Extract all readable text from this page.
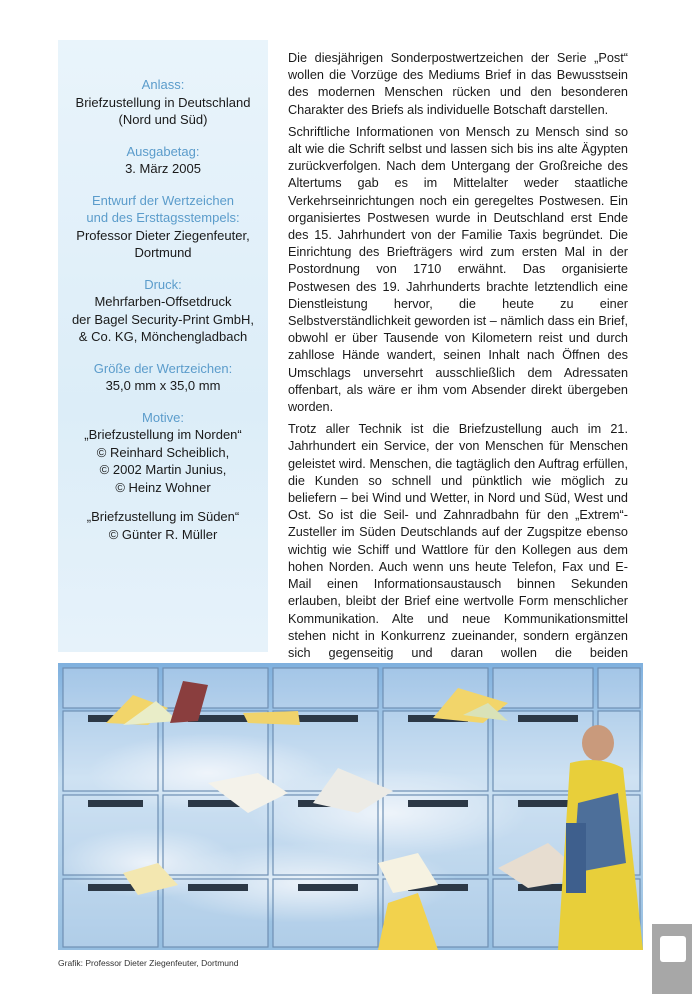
Anlass:
Briefzustellung in Deutschland
(Nord und Süd)
Ausgabetag:
3. März 2005
Entwurf der Wertzeichen
und des Ersttagsstempels:
Professor Dieter Ziegenfeuter,
Dortmund
Druck:
Mehrfarben-Offsetdruck
der Bagel Security-Print GmbH,
& Co. KG, Mönchengladbach
Größe der Wertzeichen:
35,0 mm x 35,0 mm
Motive:
„Briefzustellung im Norden“
© Reinhard Scheiblich,
© 2002 Martin Junius,
© Heinz Wohner
„Briefzustellung im Süden“
© Günter R. Müller

Die diesjährigen Sonderpostwertzeichen der Serie „Post“ wollen die Vorzüge des Mediums Brief in das Bewusstsein des modernen Menschen rücken und den besonderen Charakter des Briefs als individuelle Botschaft darstellen.

Schriftliche Informationen von Mensch zu Mensch sind so alt wie die Schrift selbst und lassen sich bis ins alte Ägypten zurückverfolgen. Nach dem Untergang der Großreiche des Altertums gab es im Mittelalter weder staatliche Verkehrseinrichtungen noch ein geregeltes Postwesen. Ein organisiertes Postwesen wurde in Deutschland erst Ende des 15. Jahrhundert von der Familie Taxis begründet. Die Einrichtung des Briefträgers wird zum ersten Mal in der Postordnung von 1710 erwähnt. Das organisierte Postwesen des 19. Jahrhunderts brachte letztendlich eine Dienstleistung hervor, die heute zu einer Selbstverständlichkeit geworden ist – nämlich dass ein Brief, obwohl er über Tausende von Kilometern reist und durch zahllose Hände wandert, seinen Inhalt nach Öffnen des Umschlags unversehrt ausschließlich dem Adressaten offenbart, als wäre er ihm vom Absender direkt übergeben worden.

Trotz aller Technik ist die Briefzustellung auch im 21. Jahrhundert ein Service, der von Menschen für Menschen geleistet wird. Menschen, die tagtäglich den Auftrag erfüllen, die Kunden so schnell und pünktlich wie möglich zu beliefern – bei Wind und Wetter, in Nord und Süd, West und Ost. So ist die Seil- und Zahnradbahn für den „Extrem“-Zusteller im Süden Deutschlands auf der Zugspitze ebenso wichtig wie Schiff und Wattlore für den Kollegen aus dem hohen Norden. Auch wenn uns heute Telefon, Fax und E-Mail einen Informationsaustausch binnen Sekunden erlauben, bleibt der Brief eine wertvolle Form menschlicher Kommunikation. Alte und neue Kommunikationsmittel stehen nicht in Konkurrenz zueinander, sondern ergänzen sich gegenseitig und daran wollen die beiden

Grafik: Professor Dieter Ziegenfeuter, Dortmund
